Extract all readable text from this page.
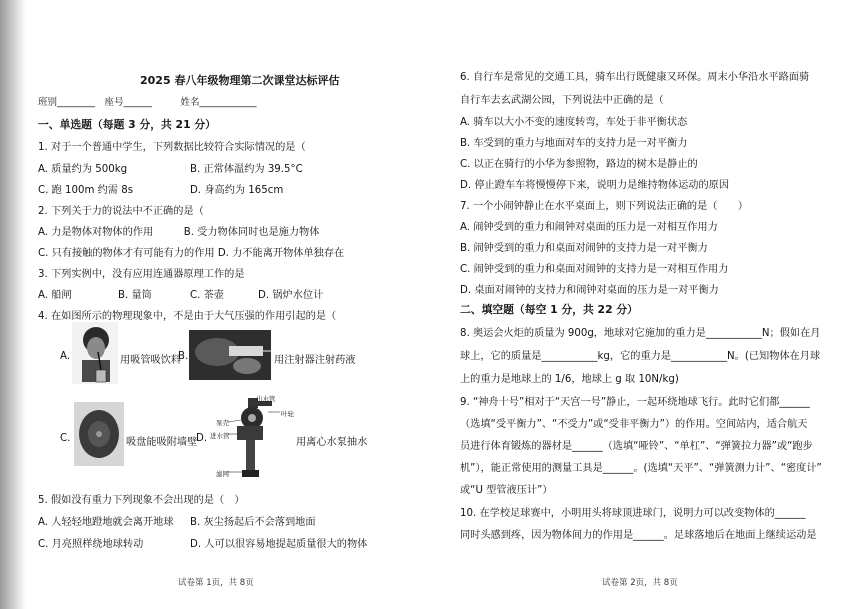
2025 春八年级物理第二次课堂达标评估
班别________　座号______　　　姓名____________
一、单选题（每题 3 分，共 21 分）
1. 对于一个普通中学生，下列数据比较符合实际情况的是（
A. 质量约为 500kg	B. 正常体温约为 39.5°C
C. 跑 100m 约需 8s	D. 身高约为 165cm
2. 下列关于力的说法中不正确的是（
A. 力是物体对物体的作用　　　B. 受力物体同时也是施力物体
C. 只有接触的物体才有可能有力的作用 D. 力不能离开物体单独存在
3. 下列实例中，没有应用连通器原理工作的是
A. 船闸	B. 量筒	C. 茶壶	D. 锅炉水位计
4. 在如图所示的物理现象中，不是由于大气压强的作用引起的是（
A.	用吸管吸饮料
B.	用注射器注射药液
C.	吸盘能吸附墙壁
D.
出水管
叶轮
泵壳
进水管
滤网
用离心水泵抽水
5. 假如没有重力下列现象不会出现的是（　）
A. 人轻轻地蹬地就会离开地球 B. 灰尘扬起后不会落到地面
C. 月亮照样绕地球转动	D. 人可以很容易地提起质量很大的物体
试卷第 1页，共 8页
6. 自行车是常见的交通工具，骑车出行既健康又环保。周末小华沿水平路面骑
自行车去玄武湖公园，下列说法中正确的是（
A. 骑车以大小不变的速度转弯，车处于非平衡状态
B. 车受到的重力与地面对车的支持力是一对平衡力
C. 以正在骑行的小华为参照物，路边的树木是静止的
D. 停止蹬车车将慢慢停下来，说明力是维持物体运动的原因
7. 一个小闹钟静止在水平桌面上，则下列说法正确的是（　　）
A. 闹钟受到的重力和闹钟对桌面的压力是一对相互作用力
B. 闹钟受到的重力和桌面对闹钟的支持力是一对平衡力
C. 闹钟受到的重力和桌面对闹钟的支持力是一对相互作用力
D. 桌面对闹钟的支持力和闹钟对桌面的压力是一对平衡力
二、填空题（每空 1 分，共 22 分）
8. 奥运会火炬的质量为 900g，地球对它施加的重力是___________N；假如在月
球上，它的质量是___________kg，它的重力是___________N。(已知物体在月球
上的重力是地球上的 1/6，地球上 g 取 10N/kg)
9. “神舟十号”相对于“天宫一号”静止，一起环绕地球飞行。此时它们都______
（选填“受平衡力”、“不受力”或“受非平衡力”）的作用。空间站内，适合航天
员进行体育锻炼的器材是______（选填“哑铃”、“单杠”、“弹簧拉力器”或“跑步
机”），能正常使用的测量工具是______。(选填“天平”、“弹簧测力计”、“密度计”
或“U 型管液压计”）
10. 在学校足球赛中，小明用头将球顶进球门，说明力可以改变物体的______
同时头感到疼，因为物体间力的作用是______。足球落地后在地面上继续运动是
试卷第 2页，共 8页
